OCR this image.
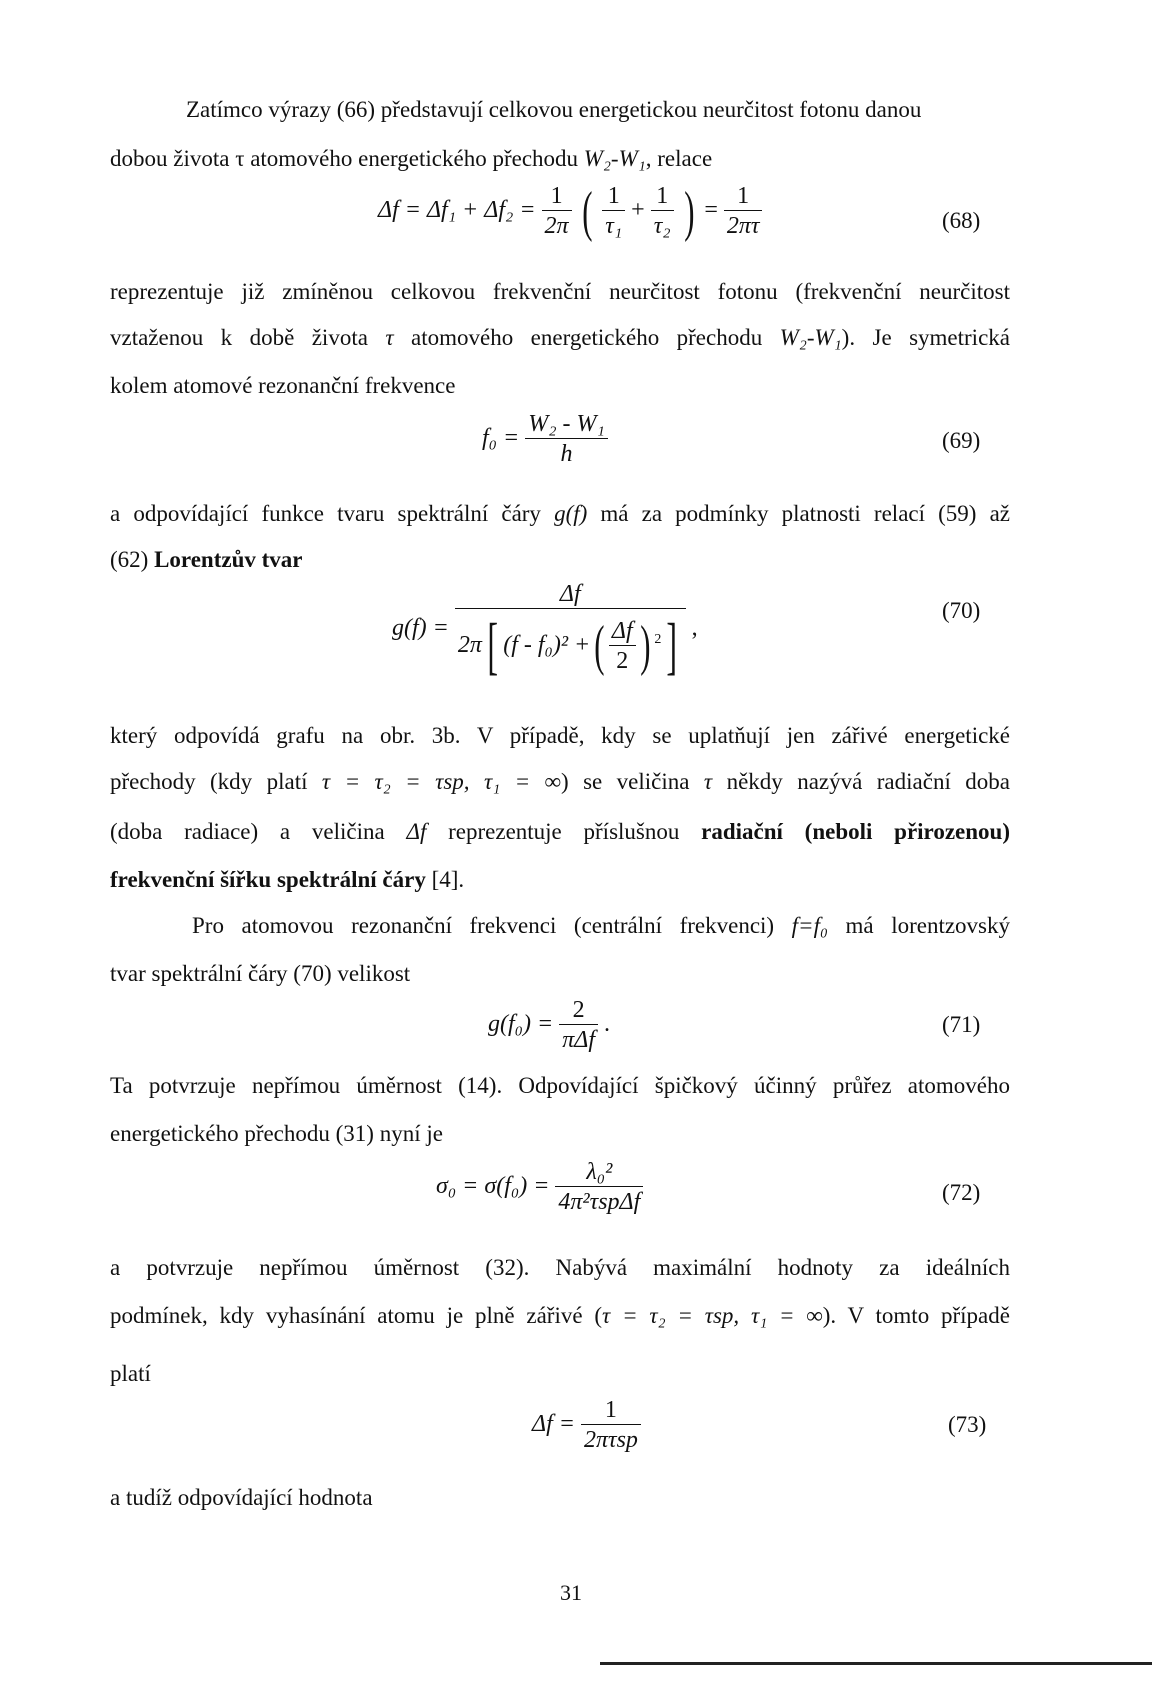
Zatímco výrazy (66) představují celkovou energetickou neurčitost fotonu danou

dobou života τ atomového energetického přechodu W₂-W₁, relace

$\Delta f = \Delta f_1 + \Delta f_2 = \frac{1}{2\pi}$ ( $\frac{1}{\text{τ₁}} + \frac{1}{\text{τ₂}}$ ) = $\frac{1}{2\pi\tau}$	(68)

reprezentuje již zmíněnou celkovou frekvenční neurčitost fotonu (frekvenční neurčitost

vztaženou k době života τ atomového energetického přechodu W₂-W₁). Je symetrická

kolem atomové rezonanční frekvence

$f_0 = \frac{\text{W₂ - W₁}}{h}$	(69)

a odpovídající funkce tvaru spektrální čáry g(f) má za podmínky platnosti relací (59) až

(62) Lorentzův tvar

$g(f) = \frac{\Delta f}{2\pi[ (f - f_0)^2 +( \frac{\Delta f}{2} ) ^2]}$ ,
(70)

který odpovídá grafu na obr. 3b. V případě, kdy se uplatňují jen zářivé energetické

přechody (kdy platí τ = τ₂ = τsp, τ₁ = ∞) se veličina τ někdy nazývá radiační doba

(doba radiace) a veličina Δf reprezentuje příslušnou radiační (neboli přirozenou)

frekvenční šířku spektrální čáry [4].

Pro atomovou rezonanční frekvenci (centrální frekvenci) f=f₀ má lorentzovský

tvar spektrální čáry (70) velikost

$g(f_0) = \frac{2}{\text{πΔf}}$ .	(71)

Ta potvrzuje nepřímou úměrnost (14). Odpovídající špičkový účinný průřez atomového

energetického přechodu (31) nyní je

$\sigma_0 = \sigma(f_0) = \frac{\text{λ₀²}}{\text{4π²τspΔf}}$	(72)

a potvrzuje nepřímou úměrnost (32). Nabývá maximální hodnoty za ideálních

podmínek, kdy vyhasínání atomu je plně zářivé (τ = τ₂ = τsp, τ₁ = ∞). V tomto případě

platí

$\Delta f = \frac{1}{\text{2πτsp}}$	(73)

a tudíž odpovídající hodnota

31
